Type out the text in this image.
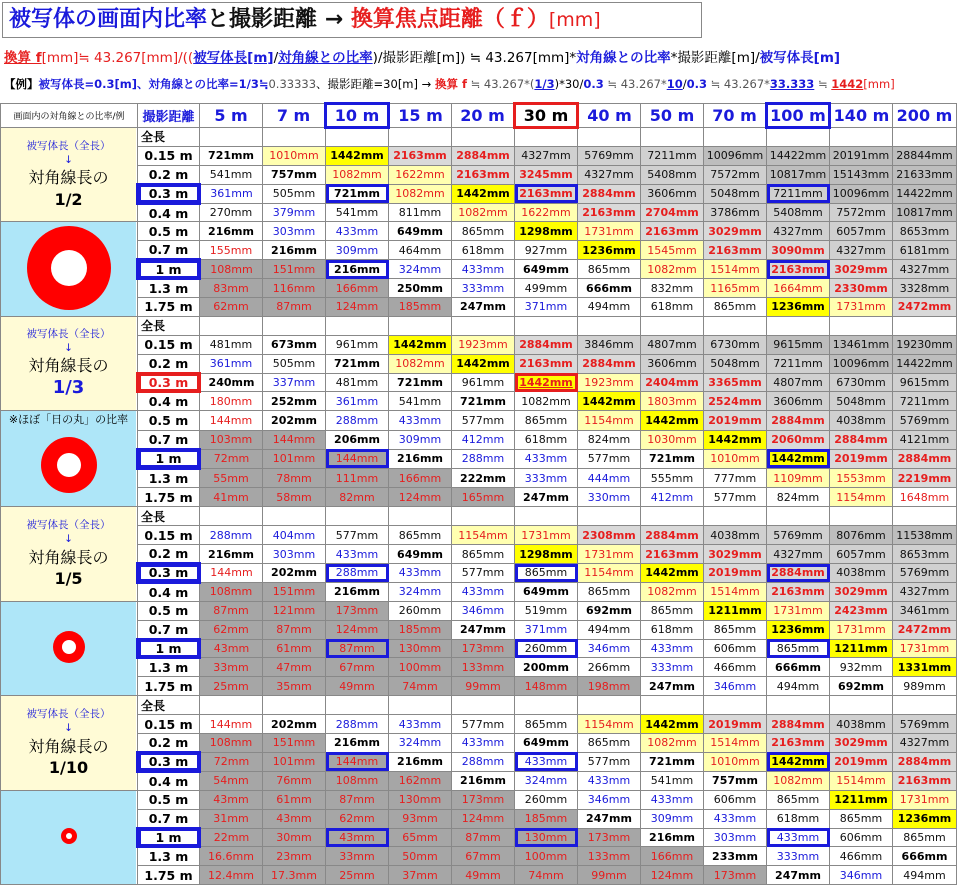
被写体の画面内比率と撮影距離 → 換算焦点距離（ｆ）[mm]
換算 f[mm]≒ 43.267[mm]/((被写体長[m]/対角線との比率)/撮影距離[m]) ≒ 43.267[mm]*対角線との比率*撮影距離[m]/被写体長[m]
【例】被写体長=0.3[m]、対角線との比率=1/3≒0.33333、撮影距離=30[m] → 換算 f ≒ 43.267*(1/3)*30/0.3 ≒ 43.267*10/0.3 ≒ 43.267*33.333 ≒ 1442[mm]
画面内の対角線との比率/例	撮影距離	5 m	7 m	10 m	15 m	20 m	30 m	40 m	50 m	70 m	100 m	140 m	200 m

被写体長（全長）
↓
対角線長の
1/2	全長												
	0.15 m	721mm	1010mm	1442mm	2163mm	2884mm	4327mm	5769mm	7211mm	10096mm	14422mm	20191mm	28844mm
	0.2 m	541mm	757mm	1082mm	1622mm	2163mm	3245mm	4327mm	5408mm	7572mm	10817mm	15143mm	21633mm
	0.3 m	361mm	505mm	721mm	1082mm	1442mm	2163mm	2884mm	3606mm	5048mm	7211mm	10096mm	14422mm
	0.4 m	270mm	379mm	541mm	811mm	1082mm	1622mm	2163mm	2704mm	3786mm	5408mm	7572mm	10817mm
	0.5 m	216mm	303mm	433mm	649mm	865mm	1298mm	1731mm	2163mm	3029mm	4327mm	6057mm	8653mm
	0.7 m	155mm	216mm	309mm	464mm	618mm	927mm	1236mm	1545mm	2163mm	3090mm	4327mm	6181mm
	1 m	108mm	151mm	216mm	324mm	433mm	649mm	865mm	1082mm	1514mm	2163mm	3029mm	4327mm
	1.3 m	83mm	116mm	166mm	250mm	333mm	499mm	666mm	832mm	1165mm	1664mm	2330mm	3328mm
	1.75 m	62mm	87mm	124mm	185mm	247mm	371mm	494mm	618mm	865mm	1236mm	1731mm	2472mm

被写体長（全長）
↓
対角線長の
1/3	全長												
	0.15 m	481mm	673mm	961mm	1442mm	1923mm	2884mm	3846mm	4807mm	6730mm	9615mm	13461mm	19230mm
	0.2 m	361mm	505mm	721mm	1082mm	1442mm	2163mm	2884mm	3606mm	5048mm	7211mm	10096mm	14422mm
	0.3 m	240mm	337mm	481mm	721mm	961mm	1442mm	1923mm	2404mm	3365mm	4807mm	6730mm	9615mm
	0.4 m	180mm	252mm	361mm	541mm	721mm	1082mm	1442mm	1803mm	2524mm	3606mm	5048mm	7211mm

※ほぼ「日の丸」の比率	0.5 m	144mm	202mm	288mm	433mm	577mm	865mm	1154mm	1442mm	2019mm	2884mm	4038mm	5769mm
	0.7 m	103mm	144mm	206mm	309mm	412mm	618mm	824mm	1030mm	1442mm	2060mm	2884mm	4121mm
	1 m	72mm	101mm	144mm	216mm	288mm	433mm	577mm	721mm	1010mm	1442mm	2019mm	2884mm
	1.3 m	55mm	78mm	111mm	166mm	222mm	333mm	444mm	555mm	777mm	1109mm	1553mm	2219mm
	1.75 m	41mm	58mm	82mm	124mm	165mm	247mm	330mm	412mm	577mm	824mm	1154mm	1648mm

被写体長（全長）
↓
対角線長の
1/5	全長												
	0.15 m	288mm	404mm	577mm	865mm	1154mm	1731mm	2308mm	2884mm	4038mm	5769mm	8076mm	11538mm
	0.2 m	216mm	303mm	433mm	649mm	865mm	1298mm	1731mm	2163mm	3029mm	4327mm	6057mm	8653mm
	0.3 m	144mm	202mm	288mm	433mm	577mm	865mm	1154mm	1442mm	2019mm	2884mm	4038mm	5769mm
	0.4 m	108mm	151mm	216mm	324mm	433mm	649mm	865mm	1082mm	1514mm	2163mm	3029mm	4327mm
	0.5 m	87mm	121mm	173mm	260mm	346mm	519mm	692mm	865mm	1211mm	1731mm	2423mm	3461mm
	0.7 m	62mm	87mm	124mm	185mm	247mm	371mm	494mm	618mm	865mm	1236mm	1731mm	2472mm
	1 m	43mm	61mm	87mm	130mm	173mm	260mm	346mm	433mm	606mm	865mm	1211mm	1731mm
	1.3 m	33mm	47mm	67mm	100mm	133mm	200mm	266mm	333mm	466mm	666mm	932mm	1331mm
	1.75 m	25mm	35mm	49mm	74mm	99mm	148mm	198mm	247mm	346mm	494mm	692mm	989mm

被写体長（全長）
↓
対角線長の
1/10	全長												
	0.15 m	144mm	202mm	288mm	433mm	577mm	865mm	1154mm	1442mm	2019mm	2884mm	4038mm	5769mm
	0.2 m	108mm	151mm	216mm	324mm	433mm	649mm	865mm	1082mm	1514mm	2163mm	3029mm	4327mm
	0.3 m	72mm	101mm	144mm	216mm	288mm	433mm	577mm	721mm	1010mm	1442mm	2019mm	2884mm
	0.4 m	54mm	76mm	108mm	162mm	216mm	324mm	433mm	541mm	757mm	1082mm	1514mm	2163mm
	0.5 m	43mm	61mm	87mm	130mm	173mm	260mm	346mm	433mm	606mm	865mm	1211mm	1731mm
	0.7 m	31mm	43mm	62mm	93mm	124mm	185mm	247mm	309mm	433mm	618mm	865mm	1236mm
	1 m	22mm	30mm	43mm	65mm	87mm	130mm	173mm	216mm	303mm	433mm	606mm	865mm
	1.3 m	16.6mm	23mm	33mm	50mm	67mm	100mm	133mm	166mm	233mm	333mm	466mm	666mm
	1.75 m	12.4mm	17.3mm	25mm	37mm	49mm	74mm	99mm	124mm	173mm	247mm	346mm	494mm
